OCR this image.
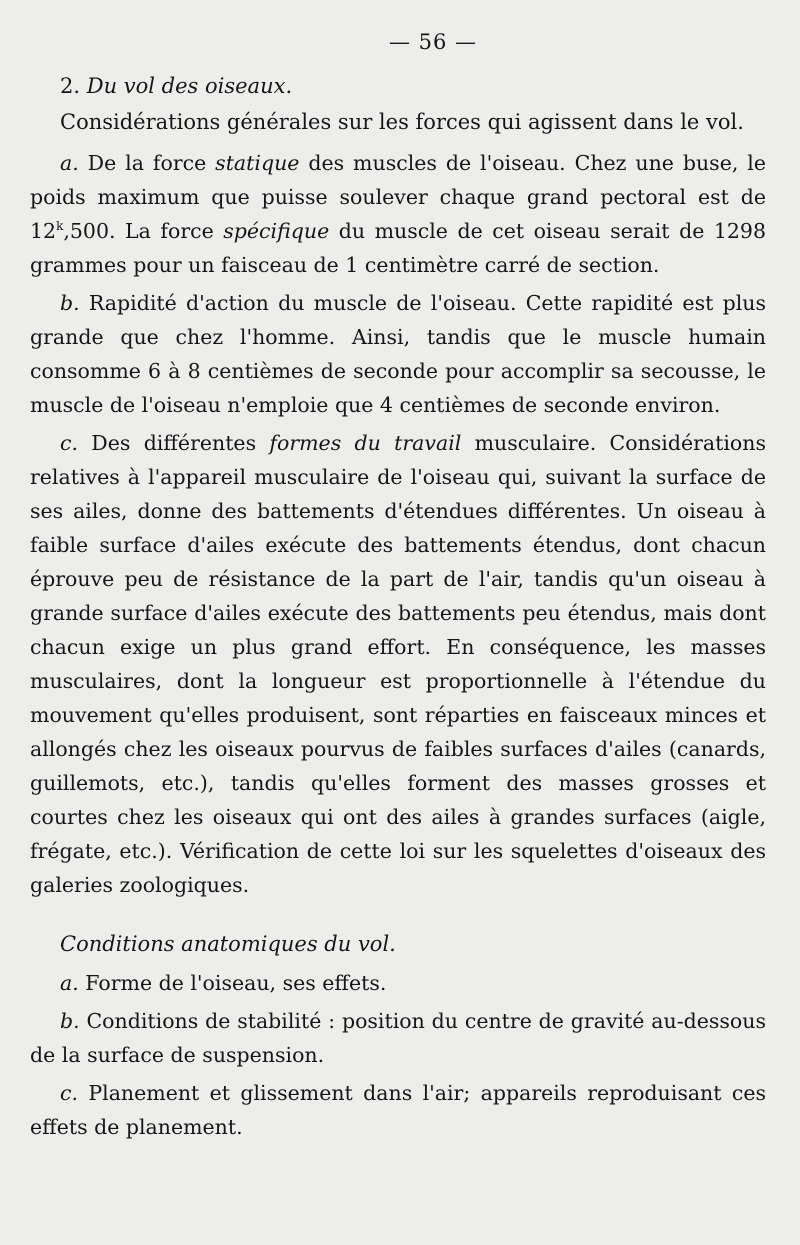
— 56 —
2. Du vol des oiseaux.
Considérations générales sur les forces qui agissent dans le vol.

a. De la force statique des muscles de l'oiseau. Chez une buse, le poids maximum que puisse soulever chaque grand pectoral est de 12$^k$,500. La force spécifique du muscle de cet oiseau serait de 1298 grammes pour un faisceau de 1 centimètre carré de section.

b. Rapidité d'action du muscle de l'oiseau. Cette rapidité est plus grande que chez l'homme. Ainsi, tandis que le muscle humain consomme 6 à 8 centièmes de seconde pour accomplir sa secousse, le muscle de l'oiseau n'emploie que 4 centièmes de seconde environ.

c. Des différentes formes du travail musculaire. Considérations relatives à l'appareil musculaire de l'oiseau qui, suivant la surface de ses ailes, donne des battements d'étendues différentes. Un oiseau à faible surface d'ailes exécute des battements étendus, dont chacun éprouve peu de résistance de la part de l'air, tandis qu'un oiseau à grande surface d'ailes exécute des battements peu étendus, mais dont chacun exige un plus grand effort. En conséquence, les masses musculaires, dont la longueur est proportionnelle à l'étendue du mouvement qu'elles produisent, sont réparties en faisceaux minces et allongés chez les oiseaux pourvus de faibles surfaces d'ailes (canards, guillemots, etc.), tandis qu'elles forment des masses grosses et courtes chez les oiseaux qui ont des ailes à grandes surfaces (aigle, frégate, etc.). Vérification de cette loi sur les squelettes d'oiseaux des galeries zoologiques.

Conditions anatomiques du vol.

a. Forme de l'oiseau, ses effets.

b. Conditions de stabilité : position du centre de gravité au-dessous de la surface de suspension.

c. Planement et glissement dans l'air; appareils reproduisant ces effets de planement.
